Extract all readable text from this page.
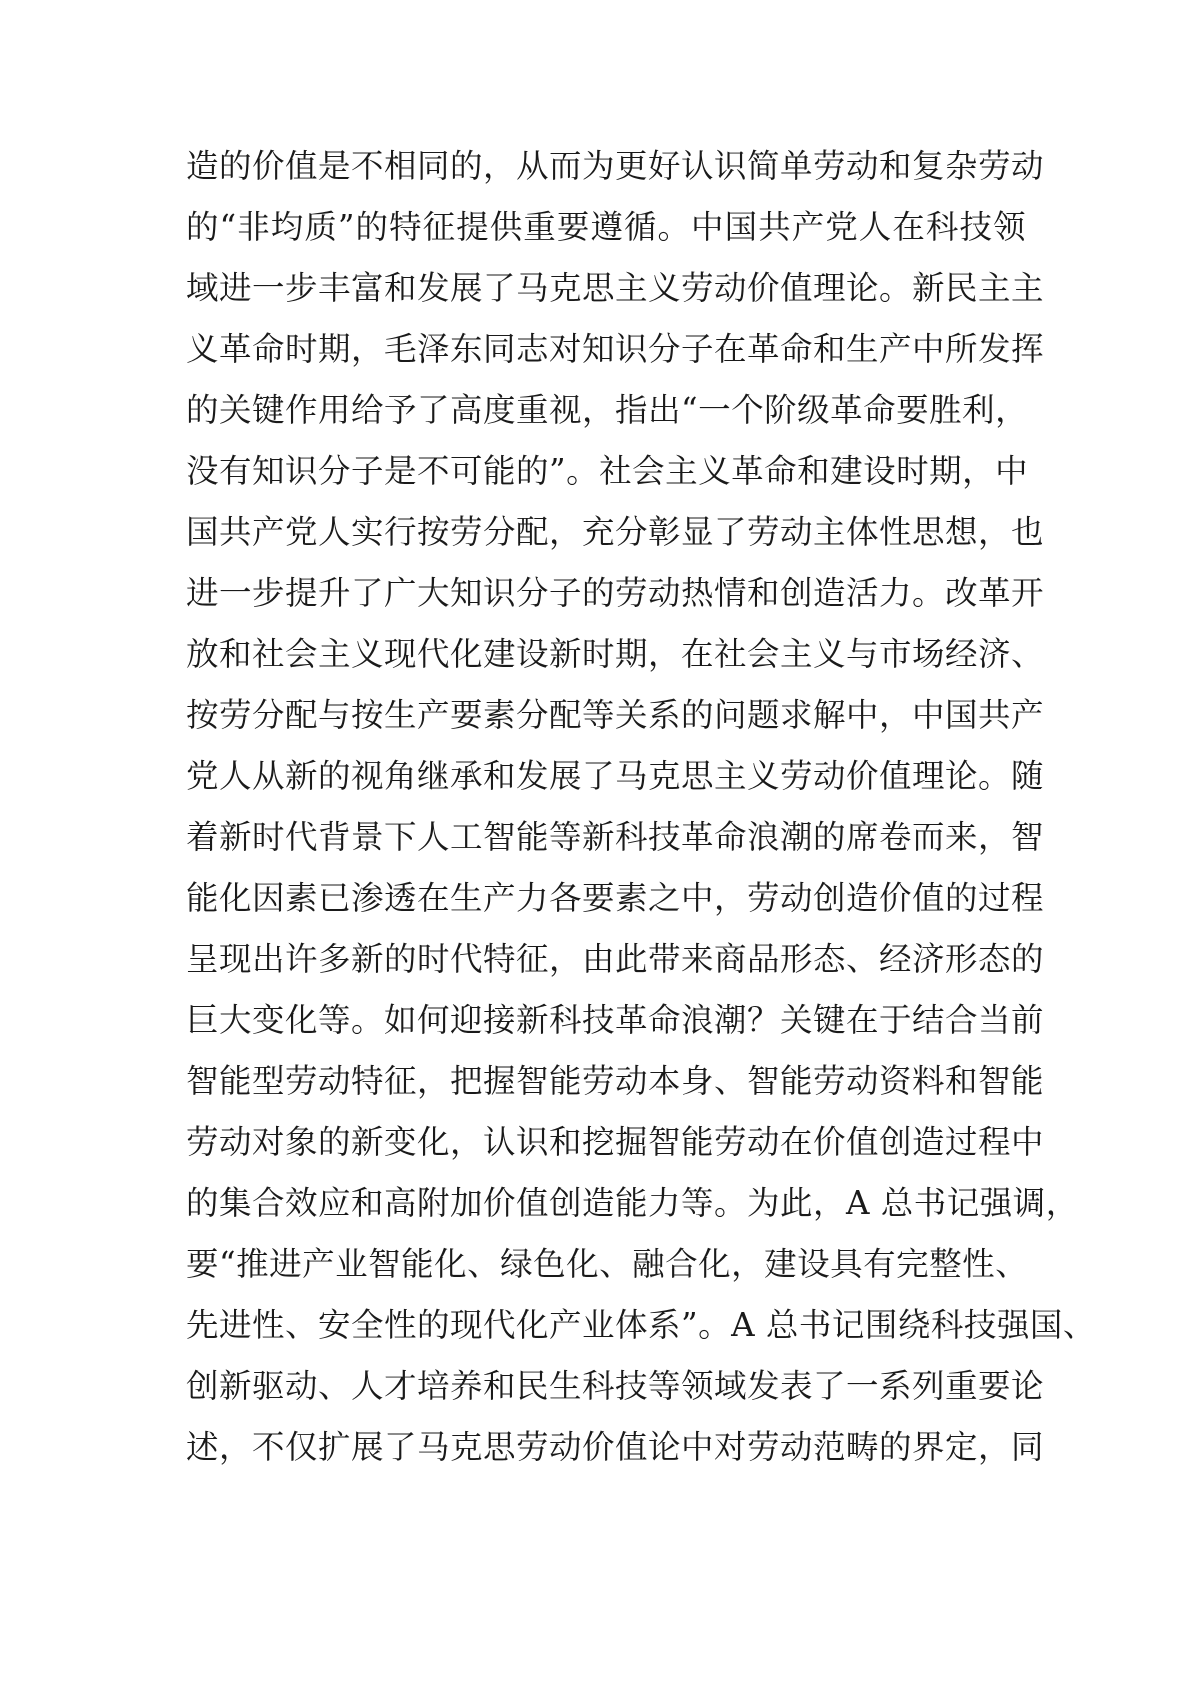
造的价值是不相同的，从而为更好认识简单劳动和复杂劳动
的“非均质”的特征提供重要遵循。中国共产党人在科技领
域进一步丰富和发展了马克思主义劳动价值理论。新民主主
义革命时期，毛泽东同志对知识分子在革命和生产中所发挥
的关键作用给予了高度重视，指出“一个阶级革命要胜利，
没有知识分子是不可能的”。社会主义革命和建设时期，中
国共产党人实行按劳分配，充分彰显了劳动主体性思想，也
进一步提升了广大知识分子的劳动热情和创造活力。改革开
放和社会主义现代化建设新时期，在社会主义与市场经济、
按劳分配与按生产要素分配等关系的问题求解中，中国共产
党人从新的视角继承和发展了马克思主义劳动价值理论。随
着新时代背景下人工智能等新科技革命浪潮的席卷而来，智
能化因素已渗透在生产力各要素之中，劳动创造价值的过程
呈现出许多新的时代特征，由此带来商品形态、经济形态的
巨大变化等。如何迎接新科技革命浪潮？关键在于结合当前
智能型劳动特征，把握智能劳动本身、智能劳动资料和智能
劳动对象的新变化，认识和挖掘智能劳动在价值创造过程中
的集合效应和高附加价值创造能力等。为此，A 总书记强调，
要“推进产业智能化、绿色化、融合化，建设具有完整性、
先进性、安全性的现代化产业体系”。A 总书记围绕科技强国、
创新驱动、人才培养和民生科技等领域发表了一系列重要论
述，不仅扩展了马克思劳动价值论中对劳动范畴的界定，同
